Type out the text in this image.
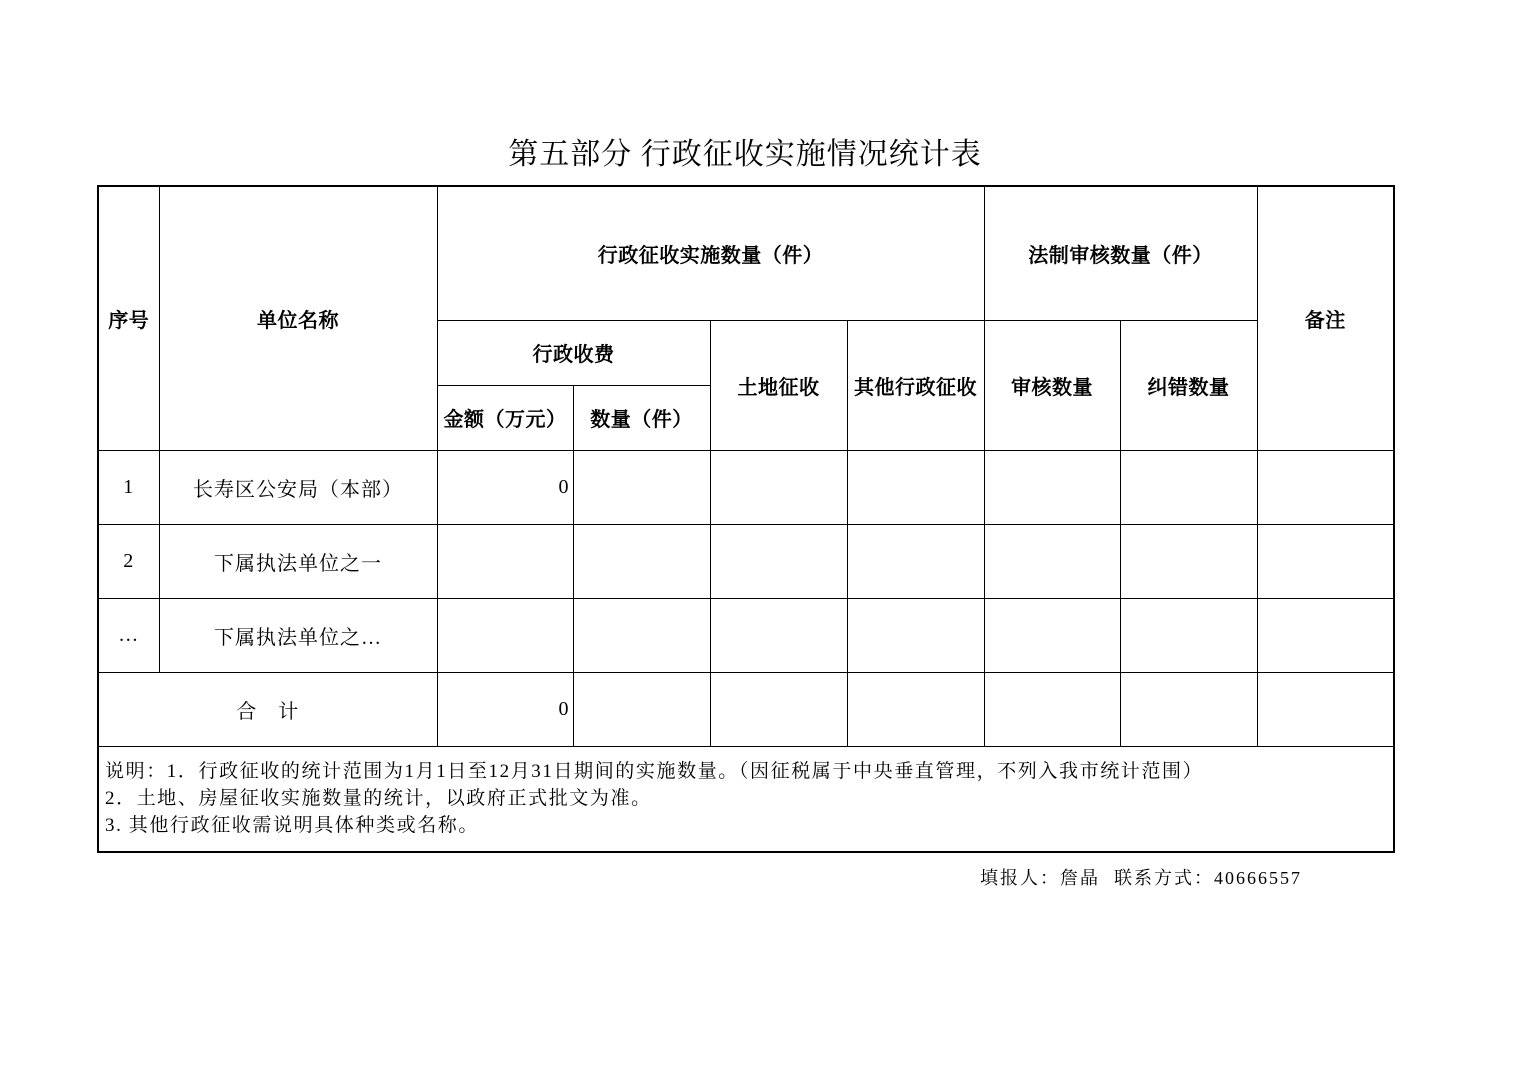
第五部分 行政征收实施情况统计表
序号	单位名称	行政征收实施数量（件）				法制审核数量（件）		备注
		行政收费		土地征收	其他行政征收	审核数量	纠错数量	
		金额（万元）	数量（件）					
1	长寿区公安局（本部）	0						
2	下属执法单位之一							
…	下属执法单位之…							
合　计		0						

说明：1．行政征收的统计范围为1月1日至12月31日期间的实施数量。（因征税属于中央垂直管理，不列入我市统计范围）
2．土地、房屋征收实施数量的统计，以政府正式批文为准。
3. 其他行政征收需说明具体种类或名称。								
填报人：詹晶 联系方式：40666557
